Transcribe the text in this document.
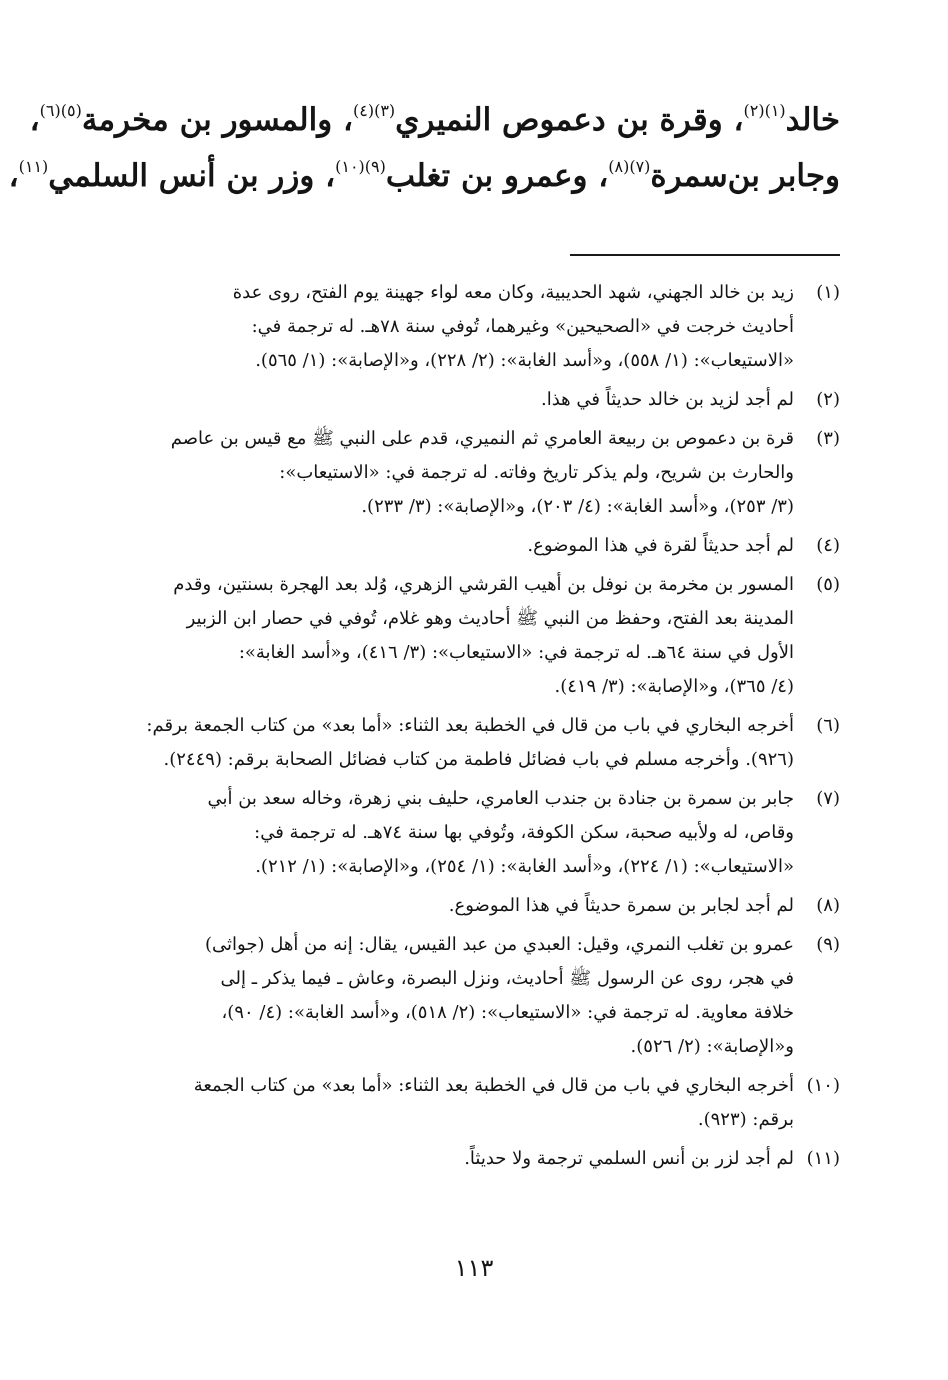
خالد$^{(١)(٢)}$، وقرة بن دعموص النميري$^{(٣)(٤)}$، والمسور بن مخرمة$^{(٥)(٦)}$،
وجابر بن‌سمرة$^{(٧)(٨)}$، وعمرو بن تغلب$^{(٩)(١٠)}$، وزر بن أنس السلمي$^{(١١)}$،
(١)
زيد بن خالد الجهني، شهد الحديبية، وكان معه لواء جهينة يوم الفتح، روى عدة
أحاديث خرجت في «الصحيحين» وغيرهما، تُوفي سنة ٧٨هـ. له ترجمة في:
«الاستيعاب»: (١/ ٥٥٨)، و«أسد الغابة»: (٢/ ٢٢٨)، و«الإصابة»: (١/ ٥٦٥).
(٢)
لم أجد لزيد بن خالد حديثاً في هذا.
(٣)
قرة بن دعموص بن ربيعة العامري ثم النميري، قدم على النبي ﷺ مع قيس بن عاصم
والحارث بن شريح، ولم يذكر تاريخ وفاته. له ترجمة في: «الاستيعاب»:
(٣/ ٢٥٣)، و«أسد الغابة»: (٤/ ٢٠٣)، و«الإصابة»: (٣/ ٢٣٣).
(٤)
لم أجد حديثاً لقرة في هذا الموضوع.
(٥)
المسور بن مخرمة بن نوفل بن أهيب القرشي الزهري، وُلد بعد الهجرة بسنتين، وقدم
المدينة بعد الفتح، وحفظ من النبي ﷺ أحاديث وهو غلام، تُوفي في حصار ابن الزبير
الأول في سنة ٦٤هـ. له ترجمة في: «الاستيعاب»: (٣/ ٤١٦)، و«أسد الغابة»:
(٤/ ٣٦٥)، و«الإصابة»: (٣/ ٤١٩).
(٦)
أخرجه البخاري في باب من قال في الخطبة بعد الثناء: «أما بعد» من كتاب الجمعة برقم:
(٩٢٦). وأخرجه مسلم في باب فضائل فاطمة من كتاب فضائل الصحابة برقم: (٢٤٤٩).
(٧)
جابر بن سمرة بن جنادة بن جندب العامري، حليف بني زهرة، وخاله سعد بن أبي
وقاص، له ولأبيه صحبة، سكن الكوفة، وتُوفي بها سنة ٧٤هـ. له ترجمة في:
«الاستيعاب»: (١/ ٢٢٤)، و«أسد الغابة»: (١/ ٢٥٤)، و«الإصابة»: (١/ ٢١٢).
(٨)
لم أجد لجابر بن سمرة حديثاً في هذا الموضوع.
(٩)
عمرو بن تغلب النمري، وقيل: العبدي من عبد القيس، يقال: إنه من أهل (جواثى)
في هجر، روى عن الرسول ﷺ أحاديث، ونزل البصرة، وعاش ـ فيما يذكر ـ إلى
خلافة معاوية. له ترجمة في: «الاستيعاب»: (٢/ ٥١٨)، و«أسد الغابة»: (٤/ ٩٠)،
و«الإصابة»: (٢/ ٥٢٦).
(١٠)
أخرجه البخاري في باب من قال في الخطبة بعد الثناء: «أما بعد» من كتاب الجمعة
برقم: (٩٢٣).
(١١)
لم أجد لزر بن أنس السلمي ترجمة ولا حديثاً.
١١٣
